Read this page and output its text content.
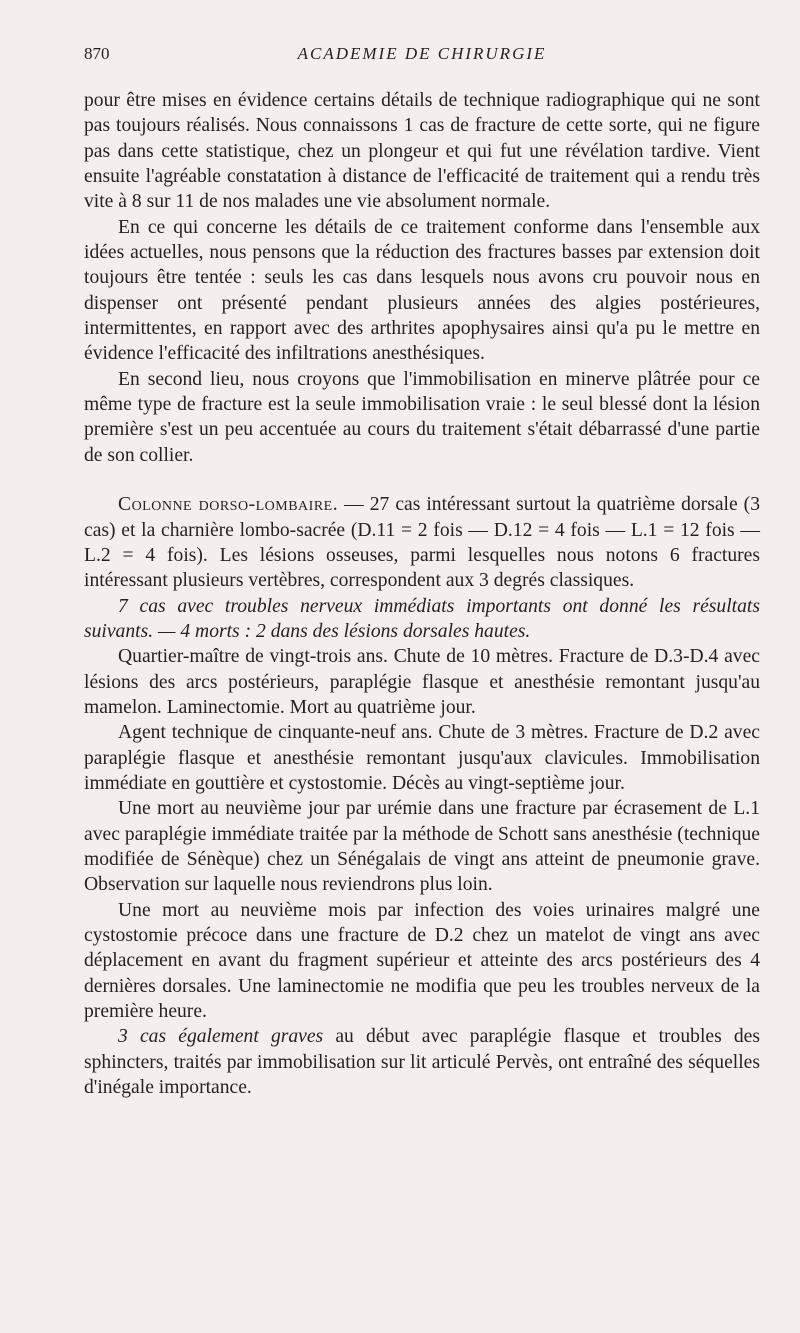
870	ACADEMIE DE CHIRURGIE

pour être mises en évidence certains détails de technique radiographique qui ne sont pas toujours réalisés. Nous connaissons 1 cas de fracture de cette sorte, qui ne figure pas dans cette statistique, chez un plongeur et qui fut une révélation tardive. Vient ensuite l'agréable constatation à distance de l'efficacité de traitement qui a rendu très vite à 8 sur 11 de nos malades une vie absolument normale.

En ce qui concerne les détails de ce traitement conforme dans l'ensemble aux idées actuelles, nous pensons que la réduction des fractures basses par extension doit toujours être tentée : seuls les cas dans lesquels nous avons cru pouvoir nous en dispenser ont présenté pendant plusieurs années des algies postérieures, intermittentes, en rapport avec des arthrites apophysaires ainsi qu'a pu le mettre en évidence l'efficacité des infiltrations anesthésiques.

En second lieu, nous croyons que l'immobilisation en minerve plâtrée pour ce même type de fracture est la seule immobilisation vraie : le seul blessé dont la lésion première s'est un peu accentuée au cours du traitement s'était débarrassé d'une partie de son collier.

Colonne dorso-lombaire. — 27 cas intéressant surtout la quatrième dorsale (3 cas) et la charnière lombo-sacrée (D.11 = 2 fois — D.12 = 4 fois — L.1 = 12 fois — L.2 = 4 fois). Les lésions osseuses, parmi lesquelles nous notons 6 fractures intéressant plusieurs vertèbres, correspondent aux 3 degrés classiques.

7 cas avec troubles nerveux immédiats importants ont donné les résultats suivants. — 4 morts : 2 dans des lésions dorsales hautes.

Quartier-maître de vingt-trois ans. Chute de 10 mètres. Fracture de D.3-D.4 avec lésions des arcs postérieurs, paraplégie flasque et anesthésie remontant jusqu'au mamelon. Laminectomie. Mort au quatrième jour.

Agent technique de cinquante-neuf ans. Chute de 3 mètres. Fracture de D.2 avec paraplégie flasque et anesthésie remontant jusqu'aux clavicules. Immobilisation immédiate en gouttière et cystostomie. Décès au vingt-septième jour.

Une mort au neuvième jour par urémie dans une fracture par écrasement de L.1 avec paraplégie immédiate traitée par la méthode de Schott sans anesthésie (technique modifiée de Sénèque) chez un Sénégalais de vingt ans atteint de pneumonie grave. Observation sur laquelle nous reviendrons plus loin.

Une mort au neuvième mois par infection des voies urinaires malgré une cystostomie précoce dans une fracture de D.2 chez un matelot de vingt ans avec déplacement en avant du fragment supérieur et atteinte des arcs postérieurs des 4 dernières dorsales. Une laminectomie ne modifia que peu les troubles nerveux de la première heure.

3 cas également graves au début avec paraplégie flasque et troubles des sphincters, traités par immobilisation sur lit articulé Pervès, ont entraîné des séquelles d'inégale importance.
